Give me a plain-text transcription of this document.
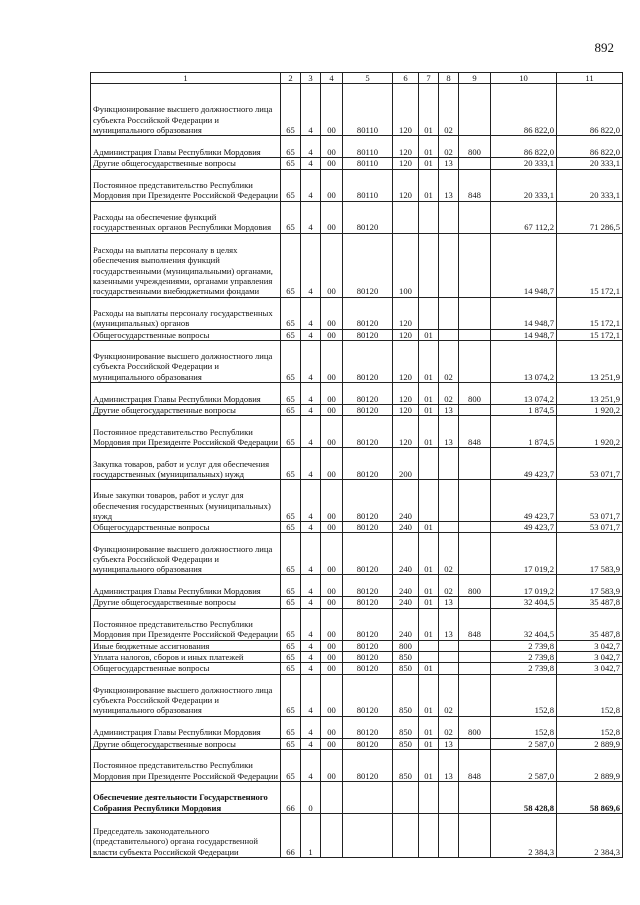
892
1	2	3	4	5	6	7	8	9	10	11
Функционирование высшего должностного лица субъекта Российской Федерации и муниципального образования	65	4	00	80110	120	01	02		86 822,0	86 822,0
Администрация Главы Республики Мордовия	65	4	00	80110	120	01	02	800	86 822,0	86 822,0
Другие общегосударственные вопросы	65	4	00	80110	120	01	13		20 333,1	20 333,1
Постоянное представительство Республики Мордовия при Президенте Российской Федерации	65	4	00	80110	120	01	13	848	20 333,1	20 333,1
Расходы на обеспечение функций государственных органов Республики Мордовия	65	4	00	80120					67 112,2	71 286,5
Расходы на выплаты персоналу в целях обеспечения выполнения функций государственными (муниципальными) органами, казенными учреждениями, органами управления государственными внебюджетными фондами	65	4	00	80120	100				14 948,7	15 172,1
Расходы на выплаты персоналу государственных (муниципальных) органов	65	4	00	80120	120				14 948,7	15 172,1
Общегосударственные вопросы	65	4	00	80120	120	01			14 948,7	15 172,1
Функционирование высшего должностного лица субъекта Российской Федерации и муниципального образования	65	4	00	80120	120	01	02		13 074,2	13 251,9
Администрация Главы Республики Мордовия	65	4	00	80120	120	01	02	800	13 074,2	13 251,9
Другие общегосударственные вопросы	65	4	00	80120	120	01	13		1 874,5	1 920,2
Постоянное представительство Республики Мордовия при Президенте Российской Федерации	65	4	00	80120	120	01	13	848	1 874,5	1 920,2
Закупка товаров, работ и услуг для обеспечения государственных (муниципальных) нужд	65	4	00	80120	200				49 423,7	53 071,7
Иные закупки товаров, работ и услуг для обеспечения государственных (муниципальных) нужд	65	4	00	80120	240				49 423,7	53 071,7
Общегосударственные вопросы	65	4	00	80120	240	01			49 423,7	53 071,7
Функционирование высшего должностного лица субъекта Российской Федерации и муниципального образования	65	4	00	80120	240	01	02		17 019,2	17 583,9
Администрация Главы Республики Мордовия	65	4	00	80120	240	01	02	800	17 019,2	17 583,9
Другие общегосударственные вопросы	65	4	00	80120	240	01	13		32 404,5	35 487,8
Постоянное представительство Республики Мордовия при Президенте Российской Федерации	65	4	00	80120	240	01	13	848	32 404,5	35 487,8
Иные бюджетные ассигнования	65	4	00	80120	800				2 739,8	3 042,7
Уплата налогов, сборов и иных платежей	65	4	00	80120	850				2 739,8	3 042,7
Общегосударственные вопросы	65	4	00	80120	850	01			2 739,8	3 042,7
Функционирование высшего должностного лица субъекта Российской Федерации и муниципального образования	65	4	00	80120	850	01	02		152,8	152,8
Администрация Главы Республики Мордовия	65	4	00	80120	850	01	02	800	152,8	152,8
Другие общегосударственные вопросы	65	4	00	80120	850	01	13		2 587,0	2 889,9
Постоянное представительство Республики Мордовия при Президенте Российской Федерации	65	4	00	80120	850	01	13	848	2 587,0	2 889,9
Обеспечение деятельности Государственного Собрания Республики Мордовия	66	0							58 428,8	58 869,6
Председатель законодательного (представительного) органа государственной власти субъекта Российской Федерации	66	1							2 384,3	2 384,3
